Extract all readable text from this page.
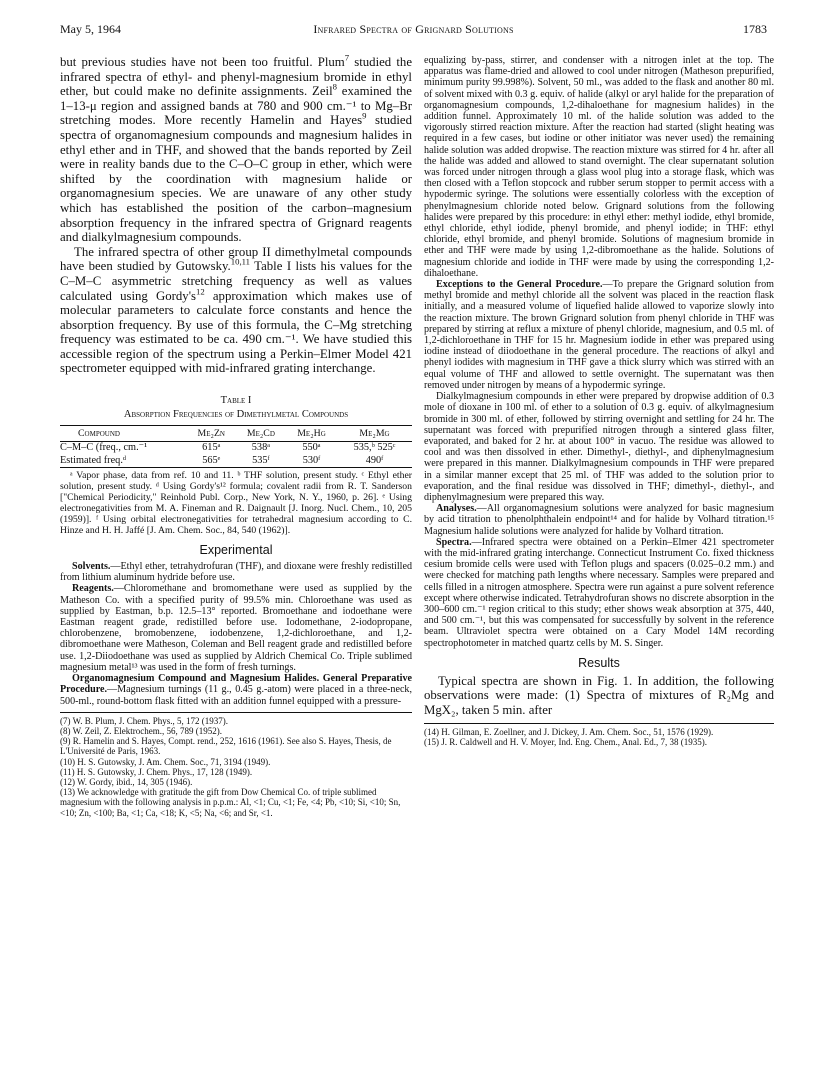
May 5, 1964	Infrared Spectra of Grignard Solutions	1783

but previous studies have not been too fruitful. Plum$^7$ studied the infrared spectra of ethyl- and phenyl-magnesium bromide in ethyl ether, but could make no definite assignments. Zeil$^8$ examined the 1–13-μ region and assigned bands at 780 and 900 cm.⁻¹ to Mg–Br stretching modes. More recently Hamelin and Hayes$^9$ studied spectra of organomagnesium compounds and magnesium halides in ethyl ether and in THF, and showed that the bands reported by Zeil were in reality bands due to the C–O–C group in ether, which were shifted by the coordination with magnesium halide or organomagnesium species. We are unaware of any other study which has established the position of the carbon–magnesium absorption frequency in the infrared spectra of Grignard reagents and dialkylmagnesium compounds.

The infrared spectra of other group II dimethylmetal compounds have been studied by Gutowsky.$^{10,11}$ Table I lists his values for the C–M–C asymmetric stretching frequency as well as values calculated using $Gordy's^{12}$ approximation which makes use of molecular parameters to calculate force constants and hence the absorption frequency. By use of this formula, the C–Mg stretching frequency was estimated to be ca. 490 cm.⁻¹. We have studied this accessible region of the spectrum using a Perkin–Elmer Model 421 spectrometer equipped with mid-infrared grating interchange.

Table I
Absorption Frequencies of Dimethylmetal Compounds
Compound	Me₂Zn	Me₂Cd	Me₂Hg	Me₂Mg
C–M–C (freq., cm.⁻¹	615ᵃ	538ᵃ	550ᵃ	535,ᵇ 525ᶜ
Estimated freq.ᵈ	565ᵉ	535ᶠ	530ᶠ	490ᶠ

ᵃ Vapor phase, data from ref. 10 and 11. ᵇ THF solution, present study. ᶜ Ethyl ether solution, present study. ᵈ Using Gordy's¹² formula; covalent radii from R. T. Sanderson ["Chemical Periodicity," Reinhold Publ. Corp., New York, N. Y., 1960, p. 26]. ᵉ Using electronegativities from M. A. Fineman and R. Daignault [J. Inorg. Nucl. Chem., 10, 205 (1959)]. ᶠ Using orbital electronegativities for tetrahedral magnesium according to C. Hinze and H. H. Jaffé [J. Am. Chem. Soc., 84, 540 (1962)].

Experimental

Solvents.—Ethyl ether, tetrahydrofuran (THF), and dioxane were freshly redistilled from lithium aluminum hydride before use.

Reagents.—Chloromethane and bromomethane were used as supplied by the Matheson Co. with a specified purity of 99.5% min. Chloroethane was used as supplied by Eastman, b.p. 12.5–13° reported. Bromoethane and iodoethane were Eastman reagent grade, redistilled before use. Iodomethane, 2-iodopropane, chlorobenzene, bromobenzene, iodobenzene, 1,2-dichloroethane, and 1,2-dibromoethane were Matheson, Coleman and Bell reagent grade and redistilled before use. 1,2-Diiodoethane was used as supplied by Aldrich Chemical Co. Triple sublimed magnesium metal¹³ was used in the form of fresh turnings.

Organomagnesium Compound and Magnesium Halides. General Preparative Procedure.—Magnesium turnings (11 g., 0.45 g.-atom) were placed in a three-neck, 500-ml., round-bottom flask fitted with an addition funnel equipped with a pressure-

(7) W. B. Plum, J. Chem. Phys., 5, 172 (1937).

(8) W. Zeil, Z. Elektrochem., 56, 789 (1952).

(9) R. Hamelin and S. Hayes, Compt. rend., 252, 1616 (1961). See also S. Hayes, Thesis, de L'Université de Paris, 1963.

(10) H. S. Gutowsky, J. Am. Chem. Soc., 71, 3194 (1949).

(11) H. S. Gutowsky, J. Chem. Phys., 17, 128 (1949).

(12) W. Gordy, ibid., 14, 305 (1946).

(13) We acknowledge with gratitude the gift from Dow Chemical Co. of triple sublimed magnesium with the following analysis in p.p.m.: Al, <1; Cu, <1; Fe, <4; Pb, <10; Si, <10; Sn, <10; Zn, <100; Ba, <1; Ca, <18; K, <5; Na, <6; and Sr, <1.

equalizing by-pass, stirrer, and condenser with a nitrogen inlet at the top. The apparatus was flame-dried and allowed to cool under nitrogen (Matheson prepurified, minimum purity 99.998%). Solvent, 50 ml., was added to the flask and another 80 ml. of solvent mixed with 0.3 g. equiv. of halide (alkyl or aryl halide for the preparation of organomagnesium compounds, 1,2-dihaloethane for magnesium halides) in the addition funnel. Approximately 10 ml. of the halide solution was added to the vigorously stirred reaction mixture. After the reaction had started (slight heating was required in a few cases, but iodine or other initiator was never used) the remaining halide solution was added dropwise. The reaction mixture was stirred for 4 hr. after all the halide was added and allowed to stand overnight. The clear supernatant solution was forced under nitrogen through a glass wool plug into a storage flask, which was then closed with a Teflon stopcock and rubber serum stopper to permit access with a hypodermic syringe. The solutions were essentially colorless with the exception of phenylmagnesium chloride noted below. Grignard solutions from the following halides were prepared by this procedure: in ethyl ether: methyl iodide, ethyl bromide, ethyl chloride, ethyl iodide, phenyl bromide, and phenyl iodide; in THF: ethyl chloride, ethyl bromide, and phenyl bromide. Solutions of magnesium bromide in ether and THF were made by using 1,2-dibromoethane as the halide. Solutions of magnesium chloride and iodide in THF were made by using the corresponding 1,2-dihaloethane.

Exceptions to the General Procedure.—To prepare the Grignard solution from methyl bromide and methyl chloride all the solvent was placed in the reaction flask initially, and a measured volume of liquefied halide allowed to vaporize slowly into the reaction mixture. The brown Grignard solution from phenyl chloride in THF was prepared by stirring at reflux a mixture of phenyl chloride, magnesium, and 0.5 ml. of 1,2-dichloroethane in THF for 15 hr. Magnesium iodide in ether was prepared using iodine instead of diiodoethane in the general procedure. The reactions of alkyl and phenyl iodides with magnesium in THF gave a thick slurry which was stirred with an equal volume of THF and allowed to settle overnight. The supernatant was then removed under nitrogen by means of a hypodermic syringe.

Dialkylmagnesium compounds in ether were prepared by dropwise addition of 0.3 mole of dioxane in 100 ml. of ether to a solution of 0.3 g. equiv. of alkylmagnesium bromide in 300 ml. of ether, followed by stirring overnight and settling for 24 hr. The supernatant was forced with prepurified nitrogen through a sintered glass filter, evaporated, and baked for 2 hr. at about 100° in vacuo. The residue was allowed to cool and was then dissolved in ether. Dimethyl-, diethyl-, and diphenylmagnesium were prepared in this manner. Dialkylmagnesium compounds in THF were prepared in a similar manner except that 25 ml. of THF was added to the solution prior to evaporation, and the final residue was dissolved in THF; dimethyl-, diethyl-, and diphenylmagnesium were prepared this way.

Analyses.—All organomagnesium solutions were analyzed for basic magnesium by acid titration to phenolphthalein endpoint¹⁴ and for halide by Volhard titration.¹⁵ Magnesium halide solutions were analyzed for halide by Volhard titration.

Spectra.—Infrared spectra were obtained on a Perkin–Elmer 421 spectrometer with the mid-infrared grating interchange. Connecticut Instrument Co. fixed thickness cesium bromide cells were used with Teflon plugs and spacers (0.025–0.2 mm.) and were checked for matching path lengths where necessary. Samples were prepared and cells filled in a nitrogen atmosphere. Spectra were run against a pure solvent reference except where otherwise indicated. Tetrahydrofuran shows no discrete absorption in the 300–600 cm.⁻¹ region critical to this study; ether shows weak absorption at 375, 440, and 500 cm.⁻¹, but this was compensated for successfully by solvent in the reference beam. Ultraviolet spectra were obtained on a Cary Model 14M recording spectrophotometer in matched quartz cells by M. S. Singer.

Results

Typical spectra are shown in Fig. 1. In addition, the following observations were made: (1) Spectra of mixtures of R₂Mg and MgX₂, taken 5 min. after

(14) H. Gilman, E. Zoellner, and J. Dickey, J. Am. Chem. Soc., 51, 1576 (1929).

(15) J. R. Caldwell and H. V. Moyer, Ind. Eng. Chem., Anal. Ed., 7, 38 (1935).
